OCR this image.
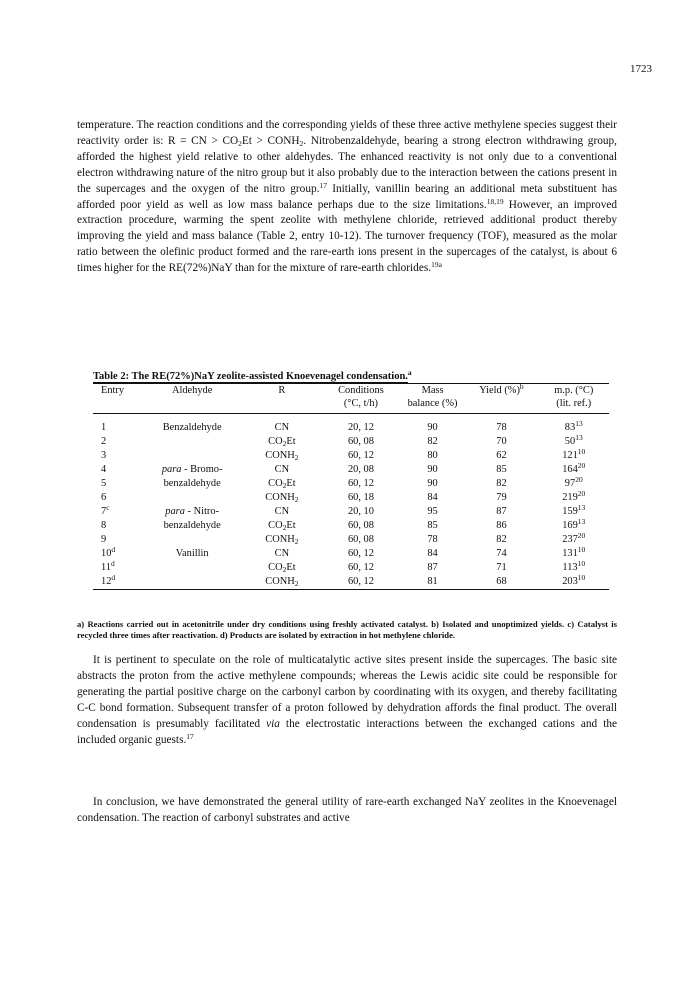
1723

temperature. The reaction conditions and the corresponding yields of these three active methylene species suggest their reactivity order is: R = CN > $CO_2Et$ > $CONH_2$. Nitrobenzaldehyde, bearing a strong electron withdrawing group, afforded the highest yield relative to other aldehydes. The enhanced reactivity is not only due to a conventional electron withdrawing nature of the nitro group but it also probably due to the interaction between the cations present in the supercages and the oxygen of the nitro group.$^{17}$ Initially, vanillin bearing an additional meta substituent has afforded poor yield as well as low mass balance perhaps due to the size limitations.$^{18,19}$ However, an improved extraction procedure, warming the spent zeolite with methylene chloride, retrieved additional product thereby improving the yield and mass balance (Table 2, entry 10-12). The turnover frequency (TOF), measured as the molar ratio between the olefinic product formed and the rare-earth ions present in the supercages of the catalyst, is about 6 times higher for the RE(72%)NaY than for the mixture of rare-earth chlorides.$^{19a}$

Table 2: The RE(72%)NaY zeolite-assisted Knoevenagel condensation.$^a$
Entry	Aldehyde	R	Conditions	Mass	Yield (%)$^b$	m.p. (°C)
			(°C, t/h)	balance (%)		(lit. ref.)
1	Benzaldehyde	CN	20, 12	90	78	$83^{13}$
2		$CO_2Et$	60, 08	82	70	$50^{13}$
3		$CONH_2$	60, 12	80	62	$121^{10}$
4	para - Bromo-	CN	20, 08	90	85	$164^{20}$
5	benzaldehyde	$CO_2Et$	60, 12	90	82	$97^{20}$
6		$CONH_2$	60, 18	84	79	$219^{20}$
7$^c$	para - Nitro-	CN	20, 10	95	87	$159^{13}$
8	benzaldehyde	$CO_2Et$	60, 08	85	86	$169^{13}$
9		$CONH_2$	60, 08	78	82	$237^{20}$
10$^d$	Vanillin	CN	60, 12	84	74	$131^{10}$
11$^d$		$CO_2Et$	60, 12	87	71	$113^{10}$
12$^d$		$CONH_2$	60, 12	81	68	$203^{10}$
a) Reactions carried out in acetonitrile under dry conditions using freshly activated catalyst. b) Isolated and unoptimized yields. c) Catalyst is recycled three times after reactivation. d) Products are isolated by extraction in hot methylene chloride.
It is pertinent to speculate on the role of multicatalytic active sites present inside the supercages. The basic site abstracts the proton from the active methylene compounds; whereas the Lewis acidic site could be responsible for generating the partial positive charge on the carbonyl carbon by coordinating with its oxygen, and thereby facilitating C-C bond formation. Subsequent transfer of a proton followed by dehydration affords the final product. The overall condensation is presumably facilitated via the electrostatic interactions between the exchanged cations and the included organic guests.$^{17}$
In conclusion, we have demonstrated the general utility of rare-earth exchanged NaY zeolites in the Knoevenagel condensation. The reaction of carbonyl substrates and active
